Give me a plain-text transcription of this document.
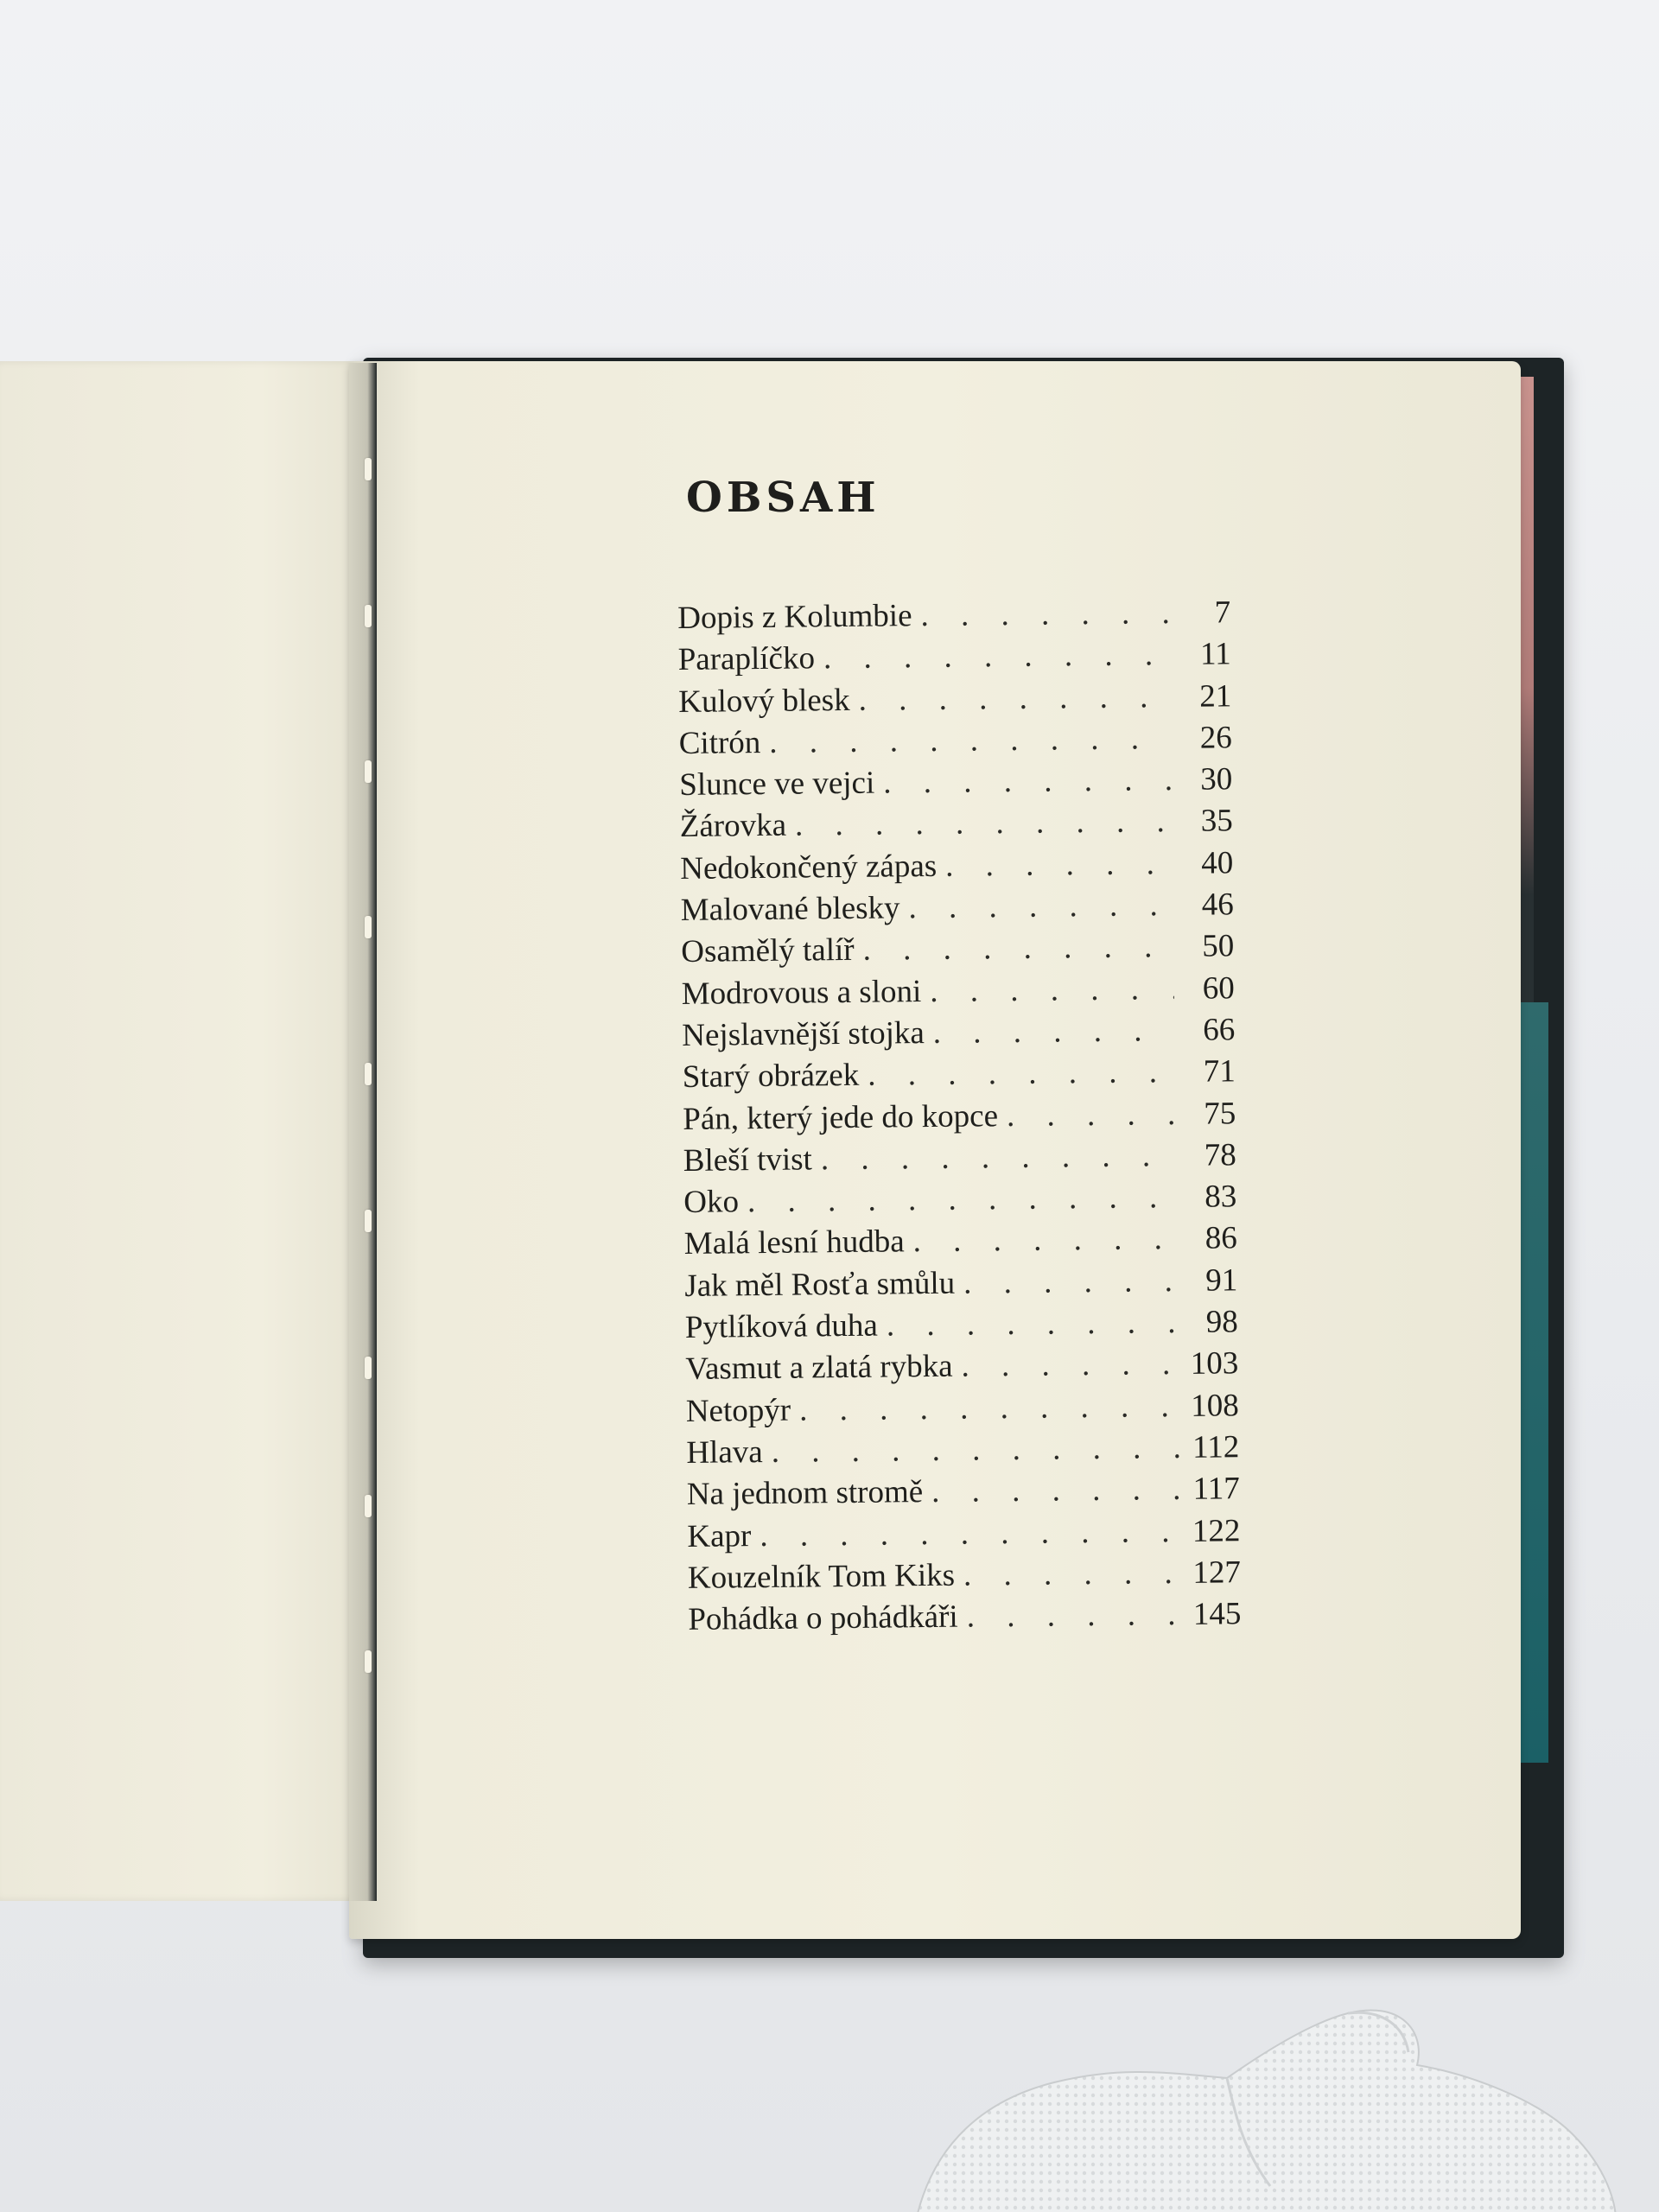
OBSAH
Dopis z Kolumbie . . .	7
Paraplíčko . . .	11
Kulový blesk . . .	21
Citrón . . .	26
Slunce ve vejci . . .	30
Žárovka . . .	35
Nedokončený zápas . . .	40
Malované blesky . . .	46
Osamělý talíř . . .	50
Modrovous a sloni . . .	60
Nejslavnější stojka . . .	66
Starý obrázek . . .	71
Pán, který jede do kopce . . .	75
Bleší tvist . . .	78
Oko . . .	83
Malá lesní hudba . . .	86
Jak měl Rosťa smůlu . . .	91
Pytlíková duha . . .	98
Vasmut a zlatá rybka . . .	103
Netopýr . . .	108
Hlava . . .	112
Na jednom stromě . . .	117
Kapr . . .	122
Kouzelník Tom Kiks . . .	127
Pohádka o pohádkáři . . .	145
